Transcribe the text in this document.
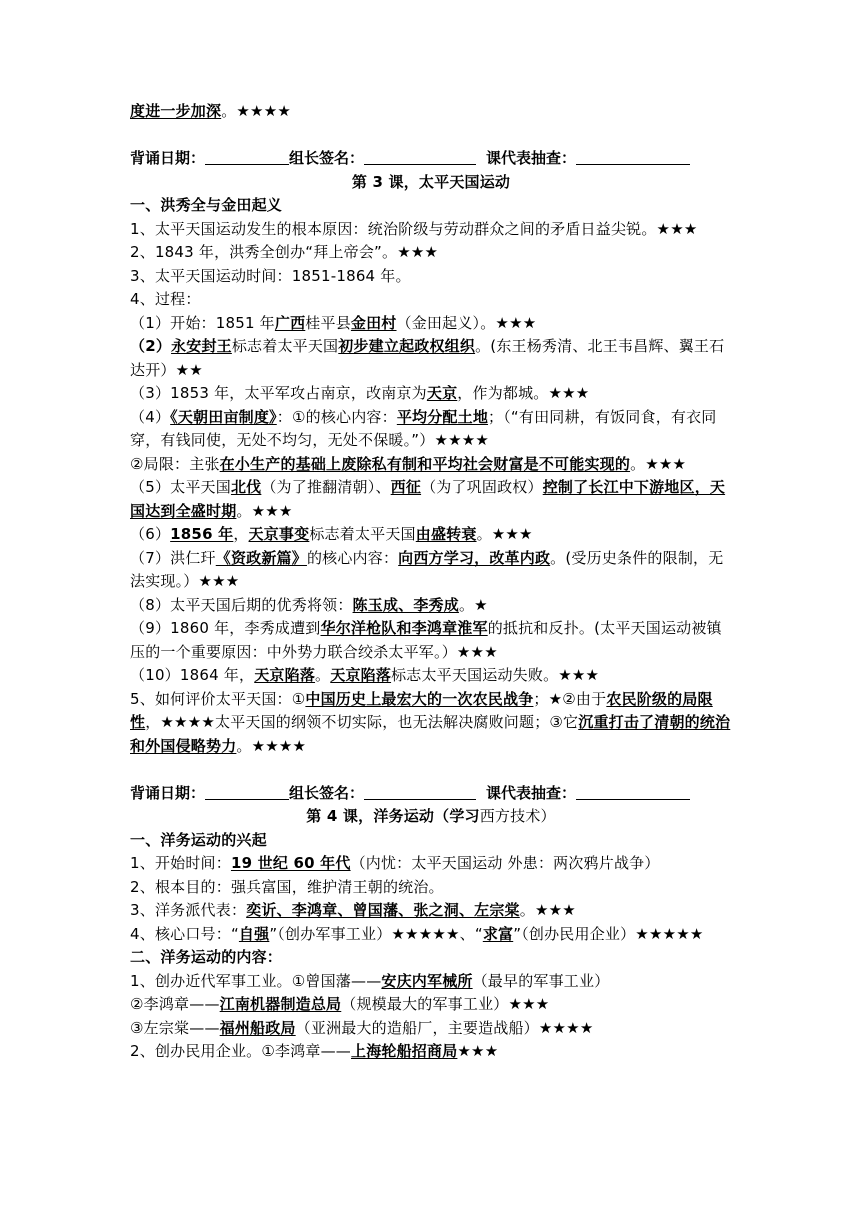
度进一步加深。★★★★
背诵日期：	组长签名：	课代表抽查：
第 3 课，太平天国运动
一、洪秀全与金田起义
1、太平天国运动发生的根本原因：统治阶级与劳动群众之间的矛盾日益尖锐。★★★
2、1843 年，洪秀全创办“拜上帝会”。★★★
3、太平天国运动时间：1851-1864 年。
4、过程：
（1）开始：1851 年广西桂平县金田村（金田起义）。★★★
（2）永安封王标志着太平天国初步建立起政权组织。(东王杨秀清、北王韦昌辉、翼王石达开）★★
（3）1853 年，太平军攻占南京，改南京为天京，作为都城。★★★
（4）《天朝田亩制度》：①的核心内容：平均分配土地；（“有田同耕，有饭同食，有衣同穿，有钱同使，无处不均匀，无处不保暖。”）★★★★
②局限：主张在小生产的基础上废除私有制和平均社会财富是不可能实现的。★★★
（5）太平天国北伐（为了推翻清朝）、西征（为了巩固政权）控制了长江中下游地区，天国达到全盛时期。★★★
（6）1856 年，天京事变标志着太平天国由盛转衰。★★★
（7）洪仁玕《资政新篇》的核心内容：向西方学习，改革内政。(受历史条件的限制，无法实现。）★★★
（8）太平天国后期的优秀将领：陈玉成、李秀成。★
（9）1860 年，李秀成遭到华尔洋枪队和李鸿章淮军的抵抗和反扑。(太平天国运动被镇压的一个重要原因：中外势力联合绞杀太平军。）★★★
（10）1864 年，天京陷落。天京陷落标志太平天国运动失败。★★★
5、如何评价太平天国：①中国历史上最宏大的一次农民战争；★②由于农民阶级的局限性，★★★★太平天国的纲领不切实际，也无法解决腐败问题；③它沉重打击了清朝的统治和外国侵略势力。★★★★
背诵日期：	组长签名：	课代表抽查：
第 4 课，洋务运动（学习西方技术）
一、洋务运动的兴起
1、开始时间：19 世纪 60 年代（内忧：太平天国运动 外患：两次鸦片战争）
2、根本目的：强兵富国，维护清王朝的统治。
3、洋务派代表：奕䜣、李鸿章、曾国藩、张之洞、左宗棠。★★★
4、核心口号：“自强”（创办军事工业）★★★★★、“求富”（创办民用企业）★★★★★
二、洋务运动的内容：
1、创办近代军事工业。①曾国藩——安庆内军械所（最早的军事工业）
②李鸿章——江南机器制造总局（规模最大的军事工业）★★★
③左宗棠——福州船政局（亚洲最大的造船厂，主要造战船）★★★★
2、创办民用企业。①李鸿章——上海轮船招商局★★★
